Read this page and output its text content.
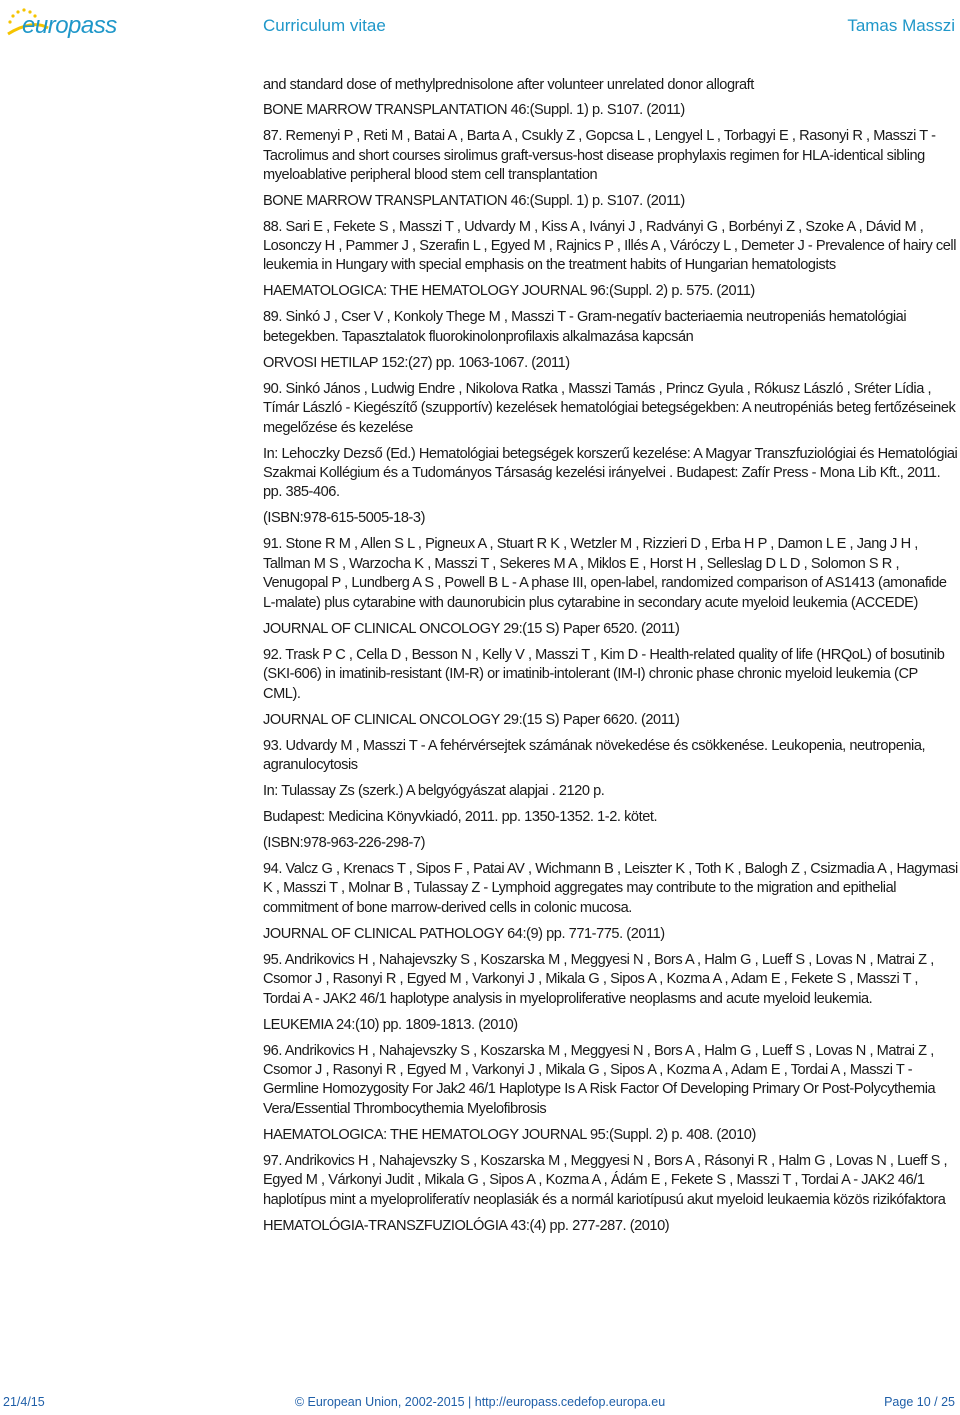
europass	Curriculum vitae	Tamas Masszi

and standard dose of methylprednisolone after volunteer unrelated donor allograft

BONE MARROW TRANSPLANTATION 46:(Suppl. 1) p. S107. (2011)

87. Remenyi P , Reti M , Batai A , Barta A , Csukly Z , Gopcsa L , Lengyel L , Torbagyi E , Rasonyi R , Masszi T - Tacrolimus and short courses sirolimus graft-versus-host disease prophylaxis regimen for HLA-identical sibling myeloablative peripheral blood stem cell transplantation

BONE MARROW TRANSPLANTATION 46:(Suppl. 1) p. S107. (2011)

88. Sari E , Fekete S , Masszi T , Udvardy M , Kiss A , Iványi J , Radványi G , Borbényi Z , Szoke A , Dávid M , Losonczy H , Pammer J , Szerafin L , Egyed M , Rajnics P , Illés A , Váróczy L , Demeter J - Prevalence of hairy cell leukemia in Hungary with special emphasis on the treatment habits of Hungarian hematologists

HAEMATOLOGICA: THE HEMATOLOGY JOURNAL 96:(Suppl. 2) p. 575. (2011)

89. Sinkó J , Cser V , Konkoly Thege M , Masszi T - Gram-negatív bacteriaemia neutropeniás hematológiai betegekben. Tapasztalatok fluorokinolonprofilaxis alkalmazása kapcsán

ORVOSI HETILAP 152:(27) pp. 1063-1067. (2011)

90. Sinkó János , Ludwig Endre , Nikolova Ratka , Masszi Tamás , Princz Gyula , Rókusz László , Sréter Lídia , Tímár László - Kiegészítő (szupportív) kezelések hematológiai betegségekben: A neutropéniás beteg fertőzéseinek megelőzése és kezelése

In: Lehoczky Dezső (Ed.) Hematológiai betegségek korszerű kezelése: A Magyar Transzfuziológiai és Hematológiai Szakmai Kollégium és a Tudományos Társaság kezelési irányelvei . Budapest: Zafír Press - Mona Lib Kft., 2011. pp. 385-406.

(ISBN:978-615-5005-18-3)

91. Stone R M , Allen S L , Pigneux A , Stuart R K , Wetzler M , Rizzieri D , Erba H P , Damon L E , Jang J H , Tallman M S , Warzocha K , Masszi T , Sekeres M A , Miklos E , Horst H , Selleslag D L D , Solomon S R , Venugopal P , Lundberg A S , Powell B L - A phase III, open-label, randomized comparison of AS1413 (amonafide L-malate) plus cytarabine with daunorubicin plus cytarabine in secondary acute myeloid leukemia (ACCEDE)

JOURNAL OF CLINICAL ONCOLOGY 29:(15 S) Paper 6520. (2011)

92. Trask P C , Cella D , Besson N , Kelly V , Masszi T , Kim D - Health-related quality of life (HRQoL) of bosutinib (SKI-606) in imatinib-resistant (IM-R) or imatinib-intolerant (IM-I) chronic phase chronic myeloid leukemia (CP CML).

JOURNAL OF CLINICAL ONCOLOGY 29:(15 S) Paper 6620. (2011)

93. Udvardy M , Masszi T - A fehérvérsejtek számának növekedése és csökkenése. Leukopenia, neutropenia, agranulocytosis

In: Tulassay Zs (szerk.) A belgyógyászat alapjai . 2120 p.

Budapest: Medicina Könyvkiadó, 2011. pp. 1350-1352. 1-2. kötet.

(ISBN:978-963-226-298-7)

94. Valcz G , Krenacs T , Sipos F , Patai AV , Wichmann B , Leiszter K , Toth K , Balogh Z , Csizmadia A , Hagymasi K , Masszi T , Molnar B , Tulassay Z - Lymphoid aggregates may contribute to the migration and epithelial commitment of bone marrow-derived cells in colonic mucosa.

JOURNAL OF CLINICAL PATHOLOGY 64:(9) pp. 771-775. (2011)

95. Andrikovics H , Nahajevszky S , Koszarska M , Meggyesi N , Bors A , Halm G , Lueff S , Lovas N , Matrai Z , Csomor J , Rasonyi R , Egyed M , Varkonyi J , Mikala G , Sipos A , Kozma A , Adam E , Fekete S , Masszi T , Tordai A - JAK2 46/1 haplotype analysis in myeloproliferative neoplasms and acute myeloid leukemia.

LEUKEMIA 24:(10) pp. 1809-1813. (2010)

96. Andrikovics H , Nahajevszky S , Koszarska M , Meggyesi N , Bors A , Halm G , Lueff S , Lovas N , Matrai Z , Csomor J , Rasonyi R , Egyed M , Varkonyi J , Mikala G , Sipos A , Kozma A , Adam E , Tordai A , Masszi T - Germline Homozygosity For Jak2 46/1 Haplotype Is A Risk Factor Of Developing Primary Or Post-Polycythemia Vera/Essential Thrombocythemia Myelofibrosis

HAEMATOLOGICA: THE HEMATOLOGY JOURNAL 95:(Suppl. 2) p. 408. (2010)

97. Andrikovics H , Nahajevszky S , Koszarska M , Meggyesi N , Bors A , Rásonyi R , Halm G , Lovas N , Lueff S , Egyed M , Várkonyi Judit , Mikala G , Sipos A , Kozma A , Ádám E , Fekete S , Masszi T , Tordai A - JAK2 46/1 haplotípus mint a myeloproliferatív neoplasiák és a normál kariotípusú akut myeloid leukaemia közös rizikófaktora

HEMATOLÓGIA-TRANSZFUZIOLÓGIA 43:(4) pp. 277-287. (2010)

21/4/15	© European Union, 2002-2015 | http://europass.cedefop.europa.eu	Page 10 / 25
